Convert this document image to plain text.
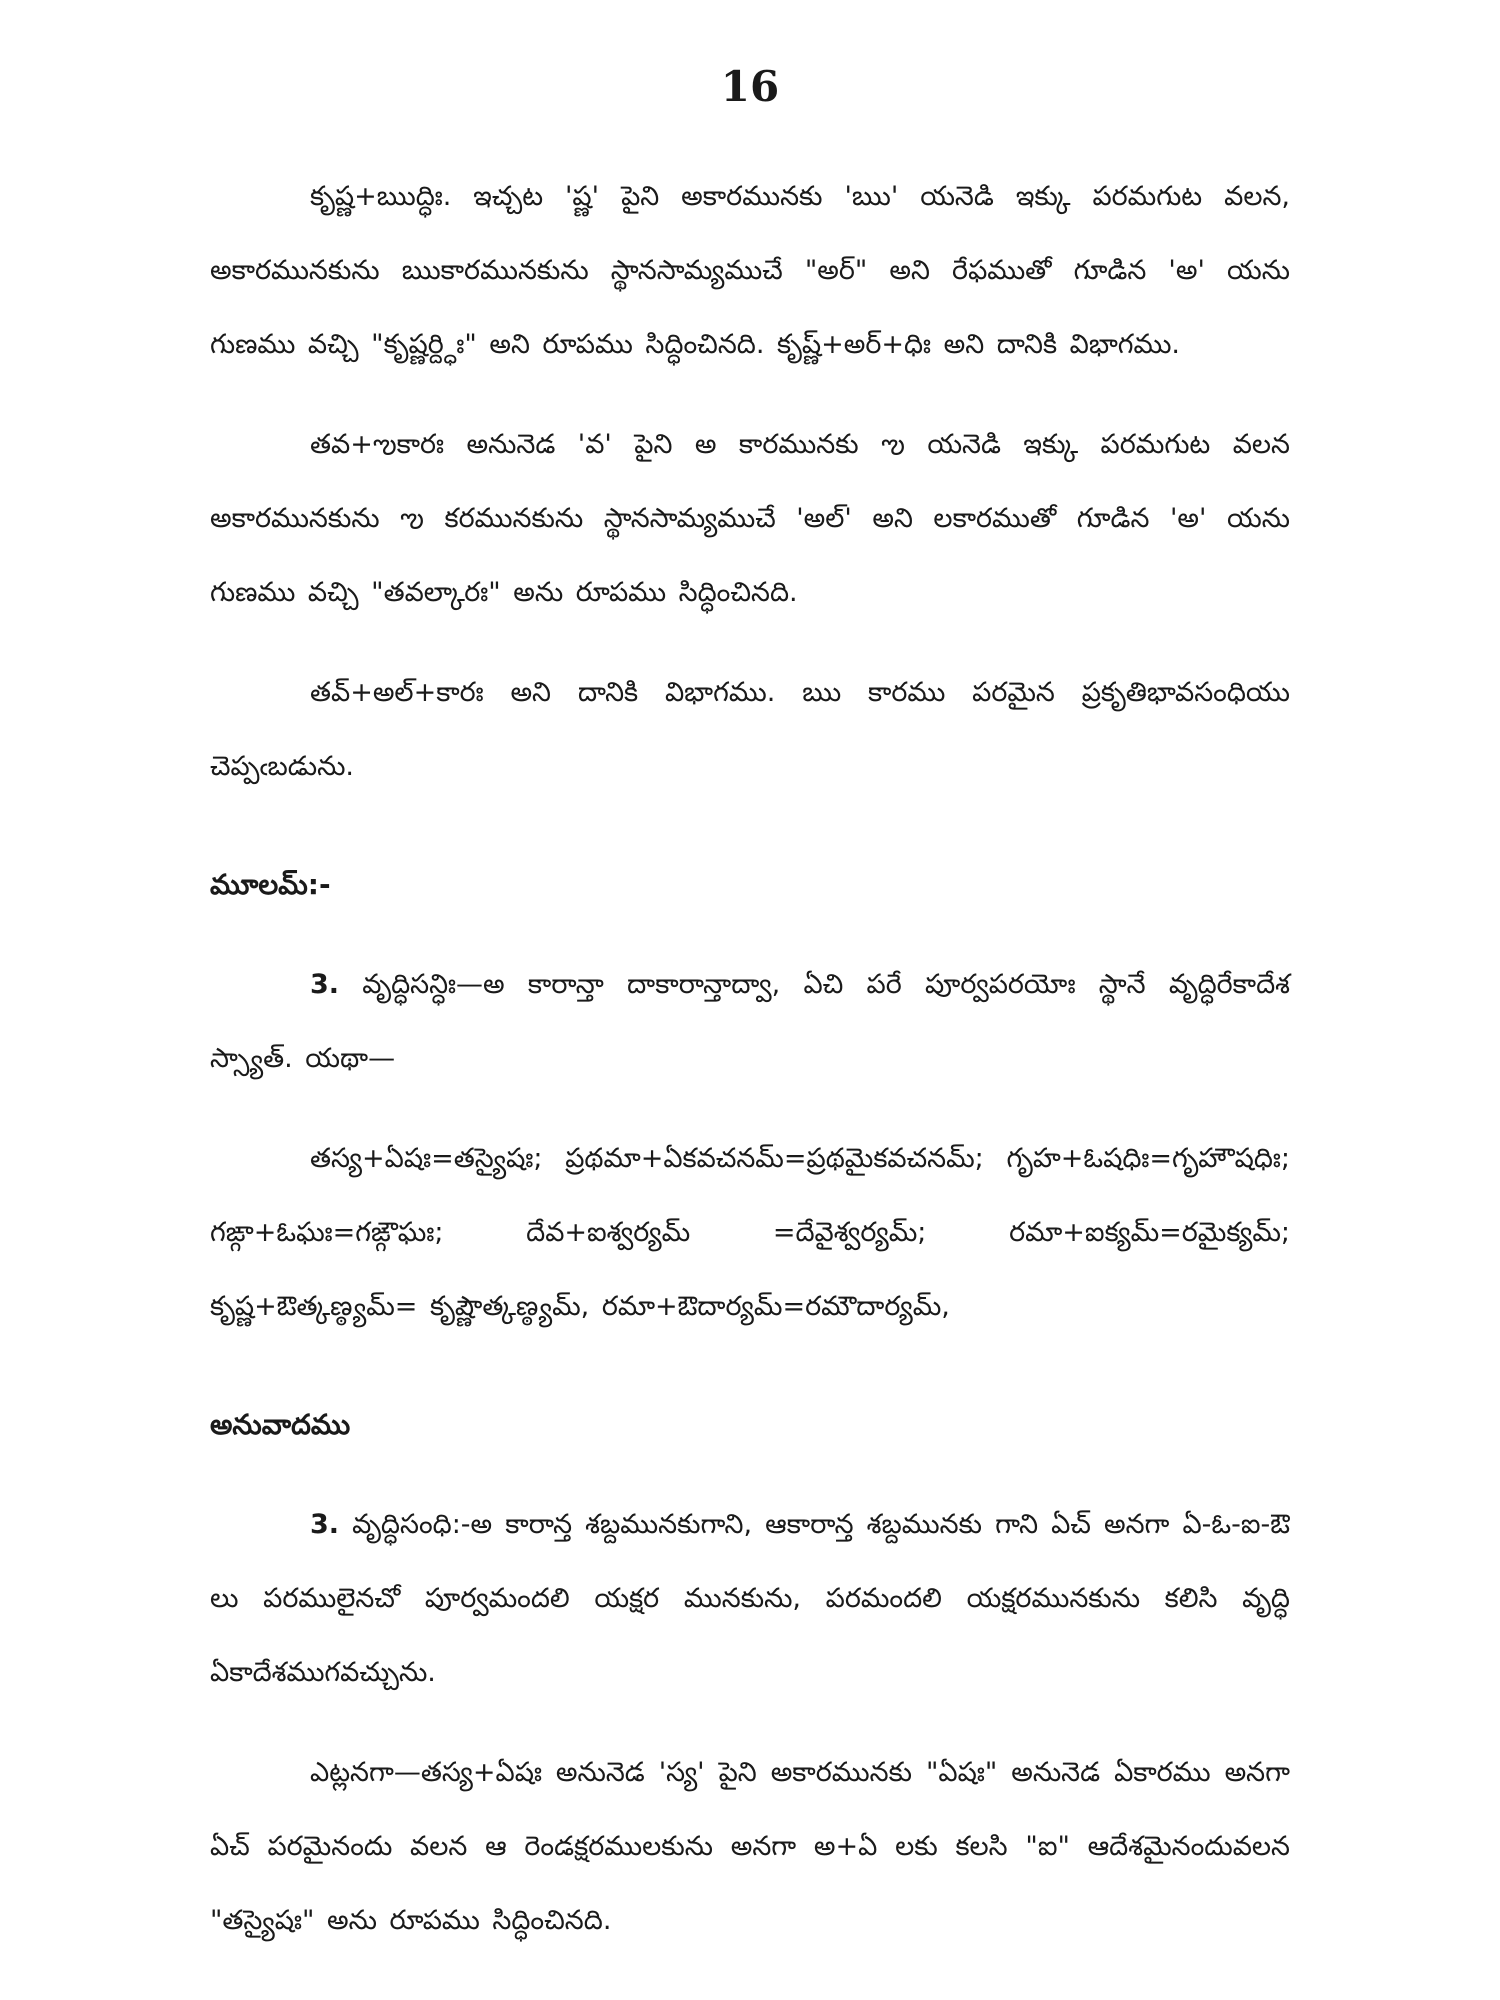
16

కృష్ణ+ఋద్ధిః. ఇచ్చట 'ష్ణ' పైని అకారమునకు 'ఋ' యనెడి ఇక్కు పరమగుట వలన, అకారమునకును ఋకారమునకును స్థానసామ్యముచే "అర్" అని రేఫముతో గూడిన 'అ' యను గుణము వచ్చి "కృష్ణర్ద్ధిః" అని రూపము సిద్ధించినది. కృష్ణ్+అర్+ధిః అని దానికి విభాగము.

తవ+ఌకారః అనునెడ 'వ' పైని అ కారమునకు ఌ యనెడి ఇక్కు పరమగుట వలన అకారమునకును ఌ కరమునకును స్థానసామ్యముచే 'అల్' అని లకారముతో గూడిన 'అ' యను గుణము వచ్చి "తవల్కారః" అను రూపము సిద్ధించినది.

తవ్+అల్+కారః అని దానికి విభాగము. ఋ కారము పరమైన ప్రకృతిభావసంధియు చెప్పఁబడును.

మూలమ్:-

3. వృద్ధిసన్ధిః—అ కారాన్తా దాకారాన్తాద్వా, ఏచి పరే పూర్వపరయోః స్థానే వృద్ధిరేకాదేశ స్స్యాత్. యథా—

తస్య+ఏషః=తస్యైషః; ప్రథమా+ఏకవచనమ్=ప్రథమైకవచనమ్; గృహ+ఓషధిః=గృహౌషధిః; గఙ్గా+ఓఘః=గఙ్గౌఘః; దేవ+ఐశ్వర్యమ్ =దేవైశ్వర్యమ్; రమా+ఐక్యమ్=రమైక్యమ్; కృష్ణ+ఔత్కణ్ఠ్యమ్= కృష్ణౌత్కణ్ఠ్యమ్, రమా+ఔదార్యమ్=రమౌదార్యమ్,

అనువాదము

3. వృద్ధిసంధి:-అ కారాన్త శబ్దమునకుగాని, ఆకారాన్త శబ్దమునకు గాని ఏచ్ అనగా ఏ-ఓ-ఐ-ఔ లు పరములైనచో పూర్వమందలి యక్షర మునకును, పరమందలి యక్షరమునకును కలిసి వృద్ధి ఏకాదేశముగవచ్చును.

ఎట్లనగా—తస్య+ఏషః అనునెడ 'స్య' పైని అకారమునకు "ఏషః" అనునెడ ఏకారము అనగా ఏచ్ పరమైనందు వలన ఆ రెండక్షరములకును అనగా అ+ఏ లకు కలసి "ఐ" ఆదేశమైనందువలన "తస్యైషః" అను రూపము సిద్ధించినది.
